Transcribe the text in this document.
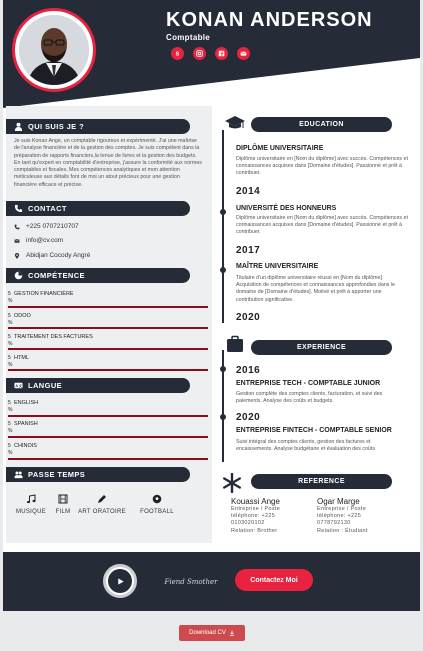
KONAN ANDERSON
Comptable
S
QUI SUIS JE ?
Je suis Konan Ange, un comptable rigoureux et expérimenté. J'ai une maîtrise de l'analyse financière et de la gestion des comptes. Je suis compétent dans la préparation de rapports financiers,la tenue de livres et la gestion des budgets. En tant qu'expert en comptabilité d'entreprise, j'assure la conformité aux normes comptables et fiscales. Mes compétences analytiques et mon attention méticuleuse aux détails font de moi un atout précieux pour une gestion financière efficace et précise.
CONTACT
+225 0707210707
info@cv.com
Abidjan Cocody Angré
COMPÉTENCE
5 %GESTION FINANCIÈRE
5 %ODOO
5 %TRAITEMENT DES FACTURES
5 %HTML
A 文 LANGUE
5 %ENGLISH
5 %SPANISH
5 %CHINOIS
PASSE TEMPS
MUSIQUE	FILM	ART ORATOIRE	FOOTBALL
EDUCATION
DIPLÔME UNIVERSITAIRE
Diplôme universitaire en [Nom du diplôme] avec succès. Compétences et connaissances acquises dans [Domaine d'études]. Passionné et prêt à contribuer.
2014
UNIVERSITÉ DES HONNEURS
Diplôme universitaire en [Nom du diplôme] avec succès. Compétences et connaissances acquises dans [Domaine d'études]. Passionné et prêt à contribuer.
2017
MAÎTRE UNIVERSITAIRE
Titulaire d'un diplôme universitaire réussi en [Nom du diplôme]. Acquisition de compétences et connaissances approfondies dans le domaine de [Domaine d'études]. Motivé et prêt à apporter une contribution significative.
2020
EXPERIENCE
2016
ENTREPRISE TECH - COMPTABLE JUNIOR
Gestion complète des comptes clients, facturation, et suivi des paiements. Analyse des coûts et budgets.
2020
ENTREPRISE FINTECH - COMPTABLE SENIOR
Suivi intégral des comptes clients, gestion des factures et encaissements. Analyse budgétaire et évaluation des coûts
REFERENCE
Kouassi Ange
Entreprise / Poste
téléphone: +225
0103020102
Relation: Brother
Ogar Marge
Entreprise / Poste
téléphone: +225
0778792130
Relation : Étudiant
Fiend Smother	Contactez Moi
Download CV
